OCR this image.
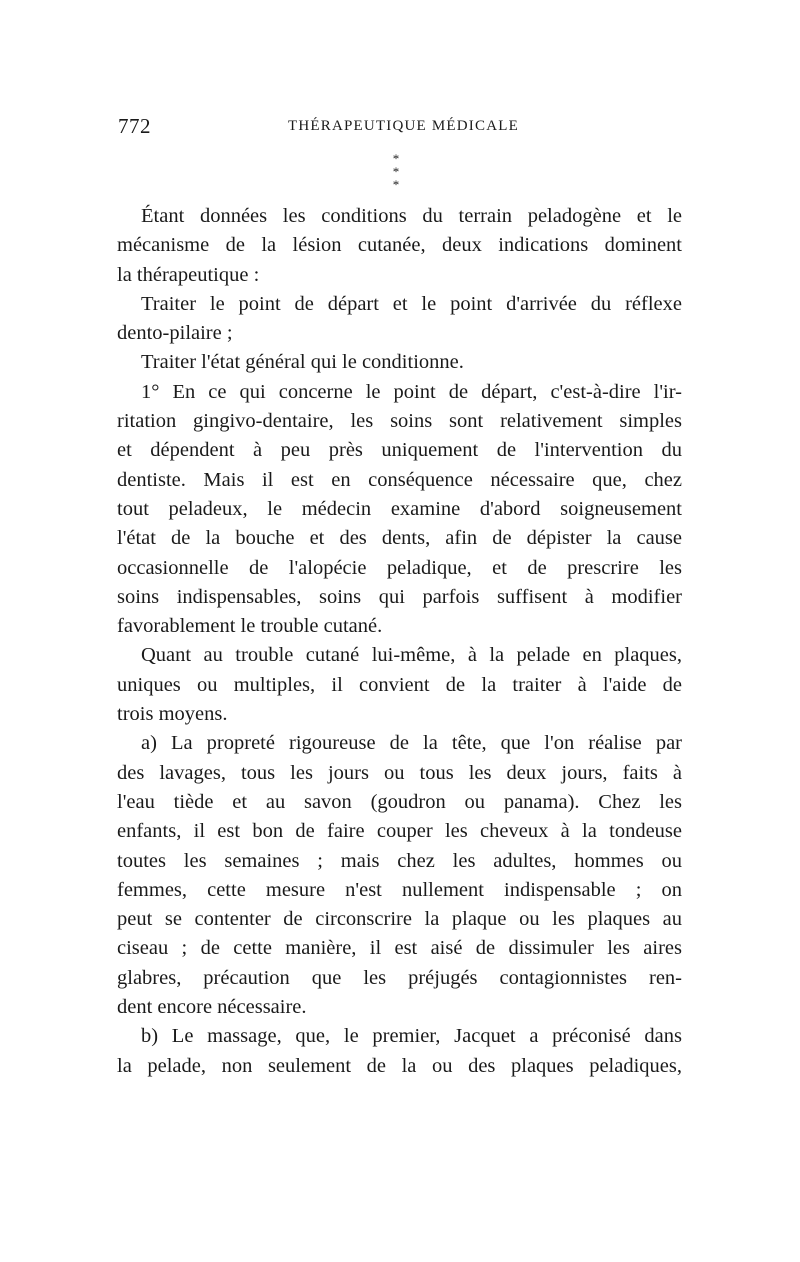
772	THÉRAPEUTIQUE MÉDICALE
*
* *
Étant données les conditions du terrain peladogène et le
mécanisme de la lésion cutanée, deux indications dominent
la thérapeutique :
Traiter le point de départ et le point d'arrivée du réflexe
dento-pilaire ;
Traiter l'état général qui le conditionne.
1° En ce qui concerne le point de départ, c'est-à-dire l'ir-
ritation gingivo-dentaire, les soins sont relativement simples
et dépendent à peu près uniquement de l'intervention du
dentiste. Mais il est en conséquence nécessaire que, chez
tout peladeux, le médecin examine d'abord soigneusement
l'état de la bouche et des dents, afin de dépister la cause
occasionnelle de l'alopécie peladique, et de prescrire les
soins indispensables, soins qui parfois suffisent à modifier
favorablement le trouble cutané.
Quant au trouble cutané lui-même, à la pelade en plaques,
uniques ou multiples, il convient de la traiter à l'aide de
trois moyens.
a) La propreté rigoureuse de la tête, que l'on réalise par
des lavages, tous les jours ou tous les deux jours, faits à
l'eau tiède et au savon (goudron ou panama). Chez les
enfants, il est bon de faire couper les cheveux à la tondeuse
toutes les semaines ; mais chez les adultes, hommes ou
femmes, cette mesure n'est nullement indispensable ; on
peut se contenter de circonscrire la plaque ou les plaques au
ciseau ; de cette manière, il est aisé de dissimuler les aires
glabres, précaution que les préjugés contagionnistes ren-
dent encore nécessaire.
b) Le massage, que, le premier, Jacquet a préconisé dans
la pelade, non seulement de la ou des plaques peladiques,
